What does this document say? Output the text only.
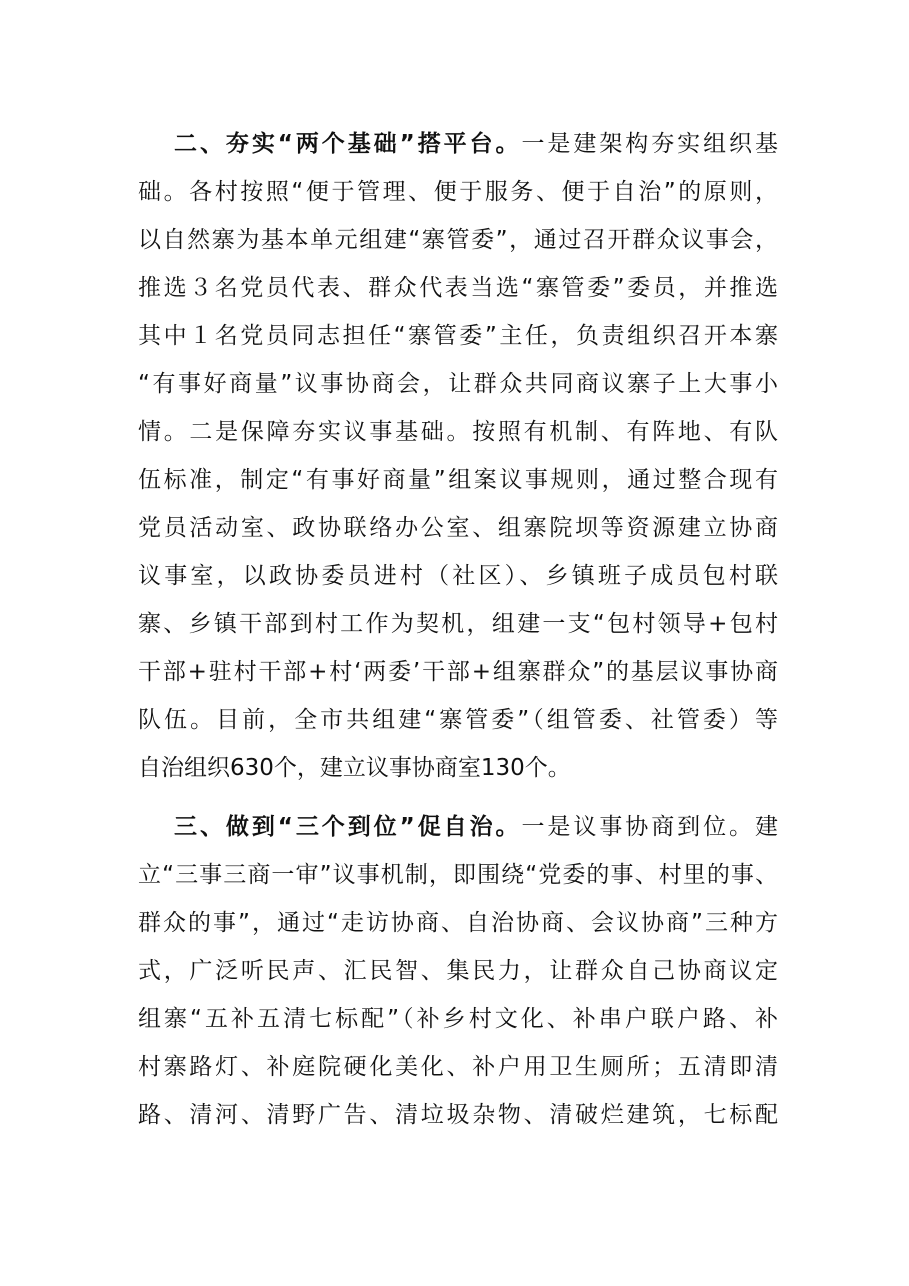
二、夯实“两个基础”搭平台。一是建架构夯实组织基
础。各村按照“便于管理、便于服务、便于自治”的原则，
以自然寨为基本单元组建“寨管委”，通过召开群众议事会，
推选３名党员代表、群众代表当选“寨管委”委员，并推选
其中１名党员同志担任“寨管委”主任，负责组织召开本寨
“有事好商量”议事协商会，让群众共同商议寨子上大事小
情。二是保障夯实议事基础。按照有机制、有阵地、有队
伍标准，制定“有事好商量”组案议事规则，通过整合现有
党员活动室、政协联络办公室、组寨院坝等资源建立协商
议事室，以政协委员进村（社区）、乡镇班子成员包村联
寨、乡镇干部到村工作为契机，组建一支“包村领导+包村
干部+驻村干部+村‘两委’干部+组寨群众”的基层议事协商
队伍。目前，全市共组建“寨管委”（组管委、社管委）等
自治组织630个，建立议事协商室130个。
三、做到“三个到位”促自治。一是议事协商到位。建
立“三事三商一审”议事机制，即围绕“党委的事、村里的事、
群众的事”，通过“走访协商、自治协商、会议协商”三种方
式，广泛听民声、汇民智、集民力，让群众自己协商议定
组寨“五补五清七标配”（补乡村文化、补串户联户路、补
村寨路灯、补庭院硬化美化、补户用卫生厕所；五清即清
路、清河、清野广告、清垃圾杂物、清破烂建筑，七标配
